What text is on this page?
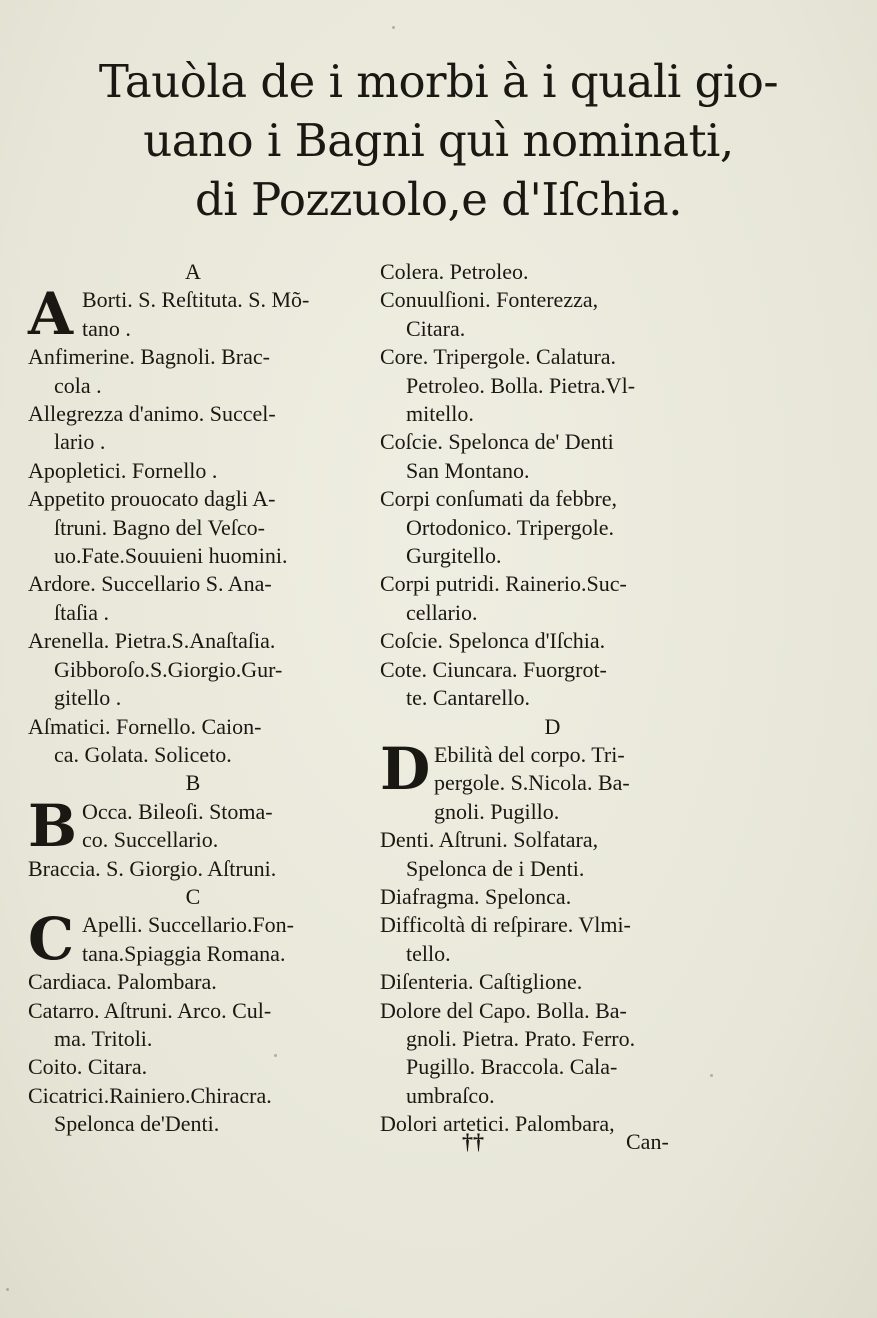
Tauòla de i morbi à i quali gio-
uano i Bagni quì nominati,
di Pozzuolo,e d'Iſchia.
A
A Borti. S. Reſtituta. S. Mõ-
tano .
Anfimerine. Bagnoli. Brac-
cola .
Allegrezza d'animo. Succel-
lario .
Apopletici. Fornello .
Appetito prouocato dagli A-
ſtruni. Bagno del Veſco-
uo.Fate.Souuieni huomini.
Ardore. Succellario S. Ana-
ſtaſia .
Arenella. Pietra.S.Anaſtaſia.
Gibboroſo.S.Giorgio.Gur-
gitello .
Aſmatici. Fornello. Caion-
ca. Golata. Soliceto.
B
B Occa. Bileoſi. Stoma-
co. Succellario.
Braccia. S. Giorgio. Aſtruni.
C
C Apelli. Succellario.Fon-
tana.Spiaggia Romana.
Cardiaca. Palombara.
Catarro. Aſtruni. Arco. Cul-
ma. Tritoli.
Coito. Citara.
Cicatrici.Rainiero.Chiracra.
Spelonca de'Denti.
Colera. Petroleo.
Conuulſioni. Fonterezza,
Citara.
Core. Tripergole. Calatura.
Petroleo. Bolla. Pietra.Vl-
mitello.
Coſcie. Spelonca de' Denti
San Montano.
Corpi conſumati da febbre,
Ortodonico. Tripergole.
Gurgitello.
Corpi putridi. Rainerio.Suc-
cellario.
Coſcie. Spelonca d'Iſchia.
Cote. Ciuncara. Fuorgrot-
te. Cantarello.
D
D Ebilità del corpo. Tri-
pergole. S.Nicola. Ba-
gnoli. Pugillo.
Denti. Aſtruni. Solfatara,
Spelonca de i Denti.
Diafragma. Spelonca.
Difficoltà di reſpirare. Vlmi-
tello.
Diſenteria. Caſtiglione.
Dolore del Capo. Bolla. Ba-
gnoli. Pietra. Prato. Ferro.
Pugillo. Braccola. Cala-
umbraſco.
Dolori artetici. Palombara,
††	Can-
